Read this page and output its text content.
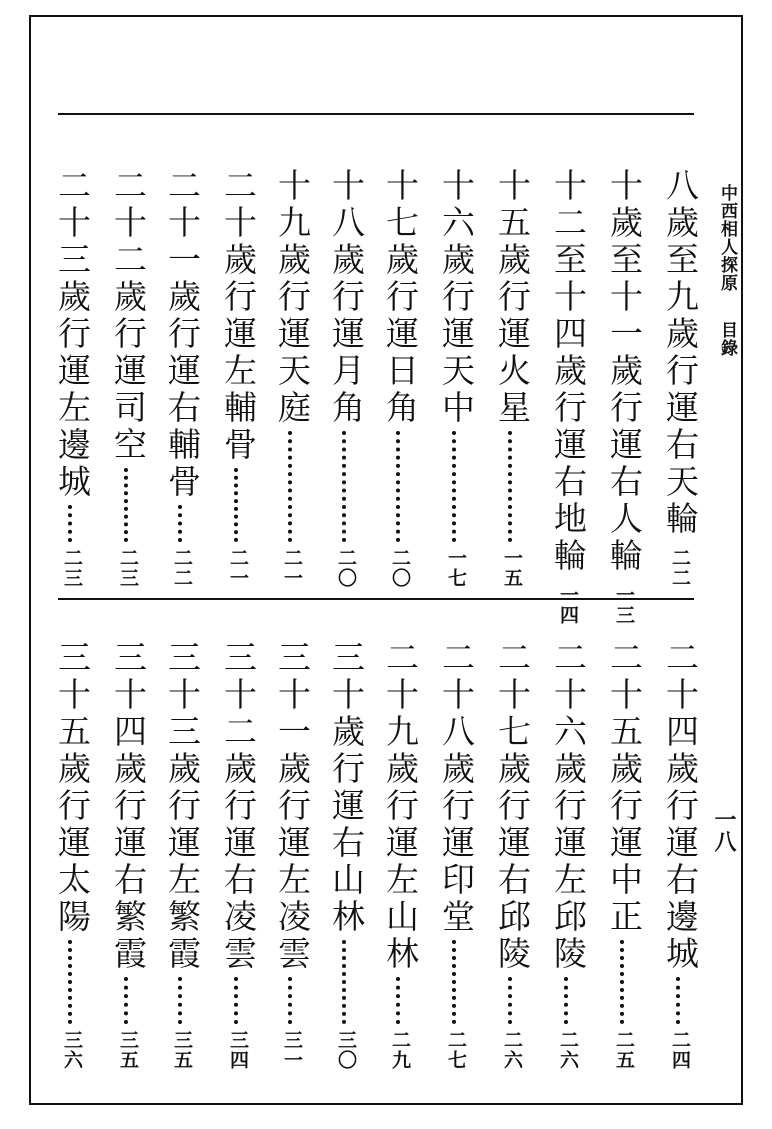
中西相人探原 目錄
一八
八歲至九歲行運右天輪
二二
十歲至十一歲行運右人輪
一三
十二至十四歲行運右地輪
一四
十五歲行運火星
一五
十六歲行運天中
一七
十七歲行運日角
二〇
十八歲行運月角
二〇
十九歲行運天庭
二一
二十歲行運左輔骨
二一
二十一歲行運右輔骨
二二
二十二歲行運司空
二三
二十三歲行運左邊城
二三
二十四歲行運右邊城
二四
二十五歲行運中正
二五
二十六歲行運左邱陵
二六
二十七歲行運右邱陵
二六
二十八歲行運印堂
二七
二十九歲行運左山林
二九
三十歲行運右山林
三〇
三十一歲行運左凌雲
三一
三十二歲行運右凌雲
三四
三十三歲行運左繁霞
三五
三十四歲行運右繁霞
三五
三十五歲行運太陽
三六
